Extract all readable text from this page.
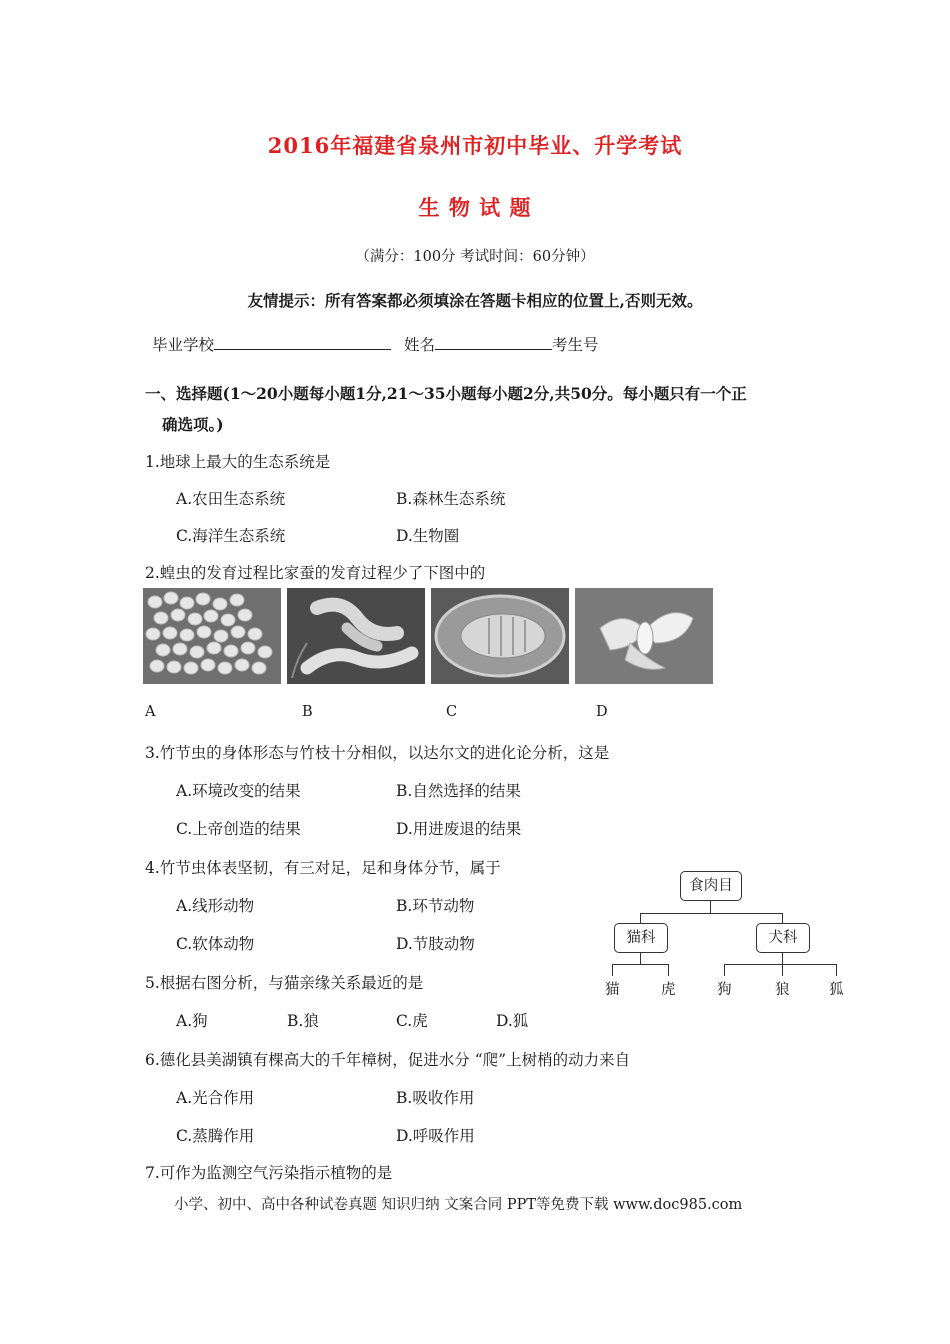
2016年福建省泉州市初中毕业、升学考试
生 物 试 题
（满分：100分 考试时间：60分钟）
友情提示：所有答案都必须填涂在答题卡相应的位置上,否则无效。
毕业学校	姓名	考生号
一、选择题(1～20小题每小题1分,21～35小题每小题2分,共50分。每小题只有一个正
确选项。)
1.地球上最大的生态系统是
A.农田生态系统	B.森林生态系统
C.海洋生态系统	D.生物圈
2.蝗虫的发育过程比家蚕的发育过程少了下图中的
A	B	C	D
3.竹节虫的身体形态与竹枝十分相似，以达尔文的进化论分析，这是
A.环境改变的结果	B.自然选择的结果
C.上帝创造的结果	D.用进废退的结果
4.竹节虫体表坚韧，有三对足，足和身体分节，属于
A.线形动物	B.环节动物
C.软体动物	D.节肢动物
5.根据右图分析，与猫亲缘关系最近的是
A.狗	B.狼	C.虎	D.狐
食肉目
猫科	犬科
猫	虎	狗	狼	狐
6.德化县美湖镇有棵高大的千年樟树，促进水分 “爬”上树梢的动力来自
A.光合作用	B.吸收作用
C.蒸腾作用	D.呼吸作用
7.可作为监测空气污染指示植物的是
小学、初中、高中各种试卷真题 知识归纳 文案合同 PPT等免费下载 www.doc985.com
